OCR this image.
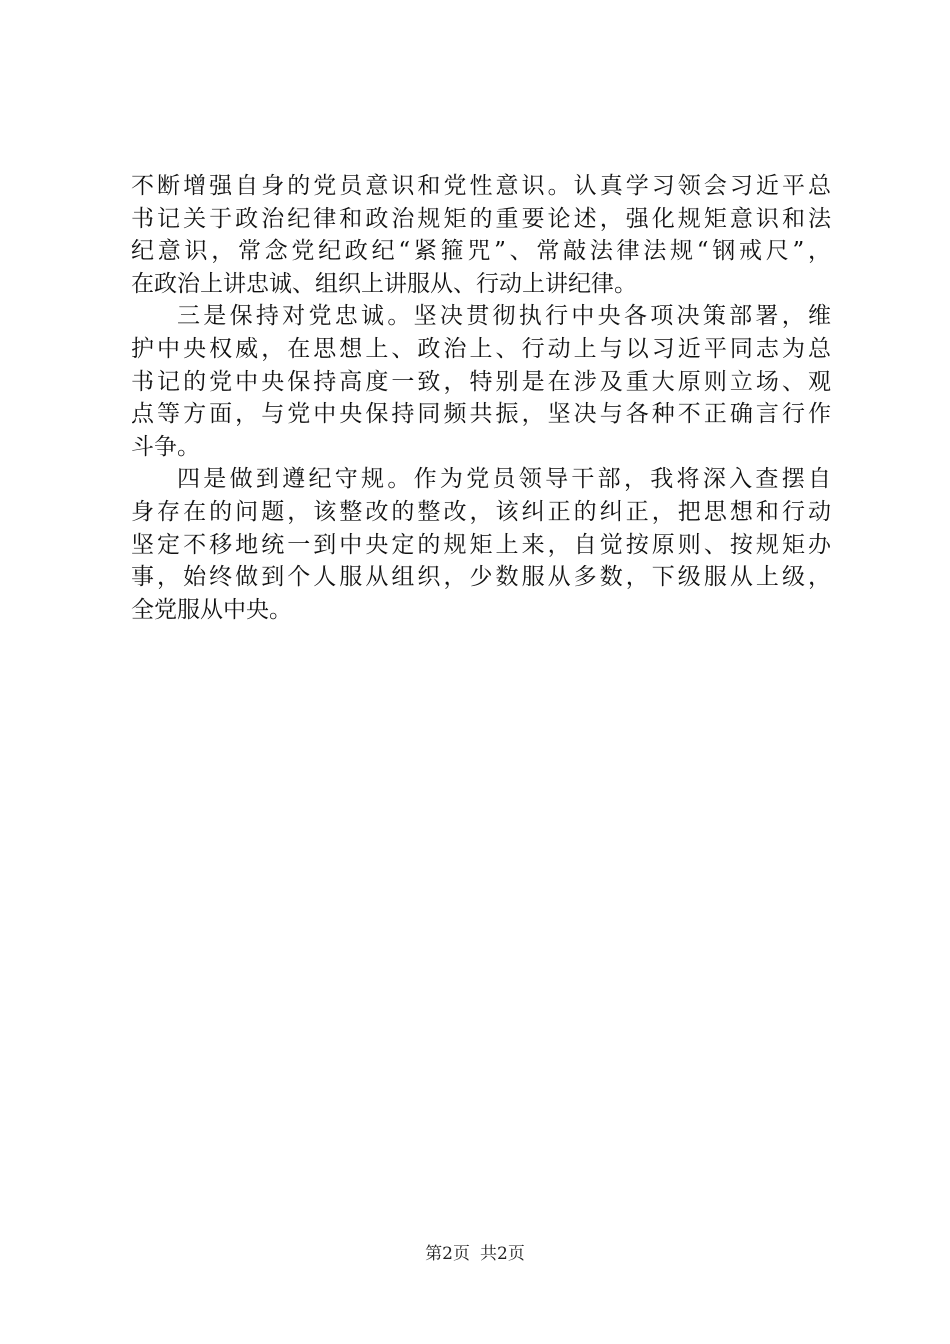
不断增强自身的党员意识和党性意识。认真学习领会习近平总
书记关于政治纪律和政治规矩的重要论述，强化规矩意识和法
纪意识，常念党纪政纪“紧箍咒”、常敲法律法规“钢戒尺”，
在政治上讲忠诚、组织上讲服从、行动上讲纪律。
三是保持对党忠诚。坚决贯彻执行中央各项决策部署，维
护中央权威，在思想上、政治上、行动上与以习近平同志为总
书记的党中央保持高度一致，特别是在涉及重大原则立场、观
点等方面，与党中央保持同频共振，坚决与各种不正确言行作
斗争。
四是做到遵纪守规。作为党员领导干部，我将深入查摆自
身存在的问题，该整改的整改，该纠正的纠正，把思想和行动
坚定不移地统一到中央定的规矩上来，自觉按原则、按规矩办
事，始终做到个人服从组织，少数服从多数，下级服从上级，
全党服从中央。
第2页 共2页
